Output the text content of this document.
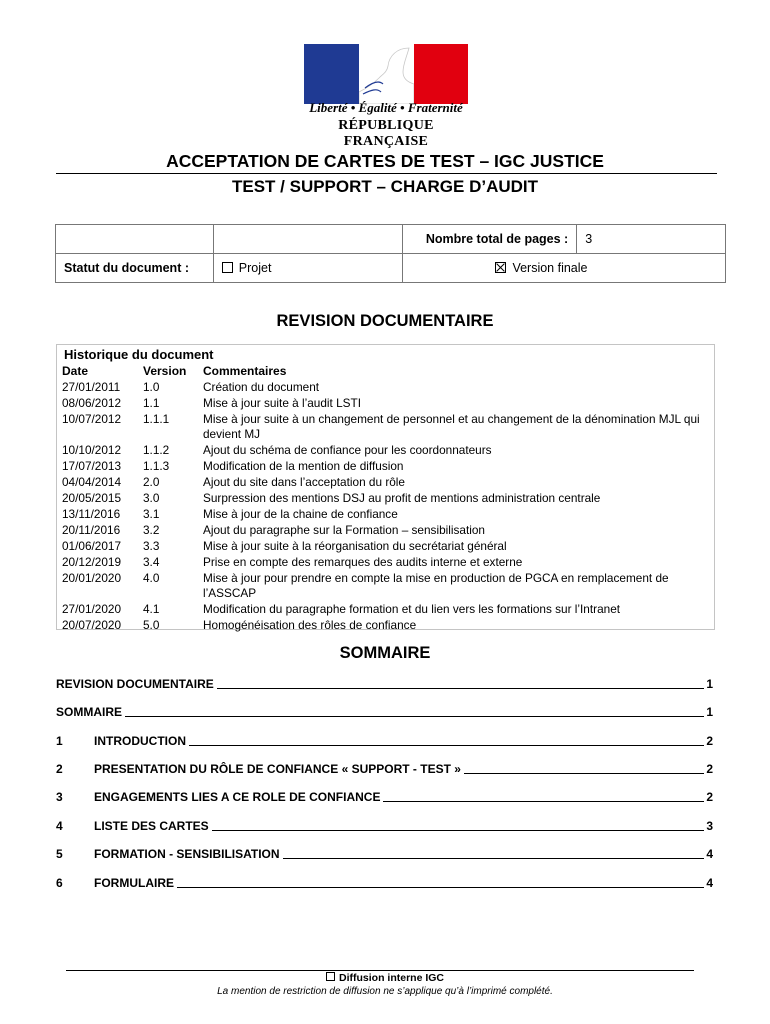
Liberté • Égalité • Fraternité
RÉPUBLIQUE FRANÇAISE
ACCEPTATION DE CARTES DE TEST – IGC JUSTICE
TEST / SUPPORT – CHARGE D’AUDIT
		Nombre total de pages :	3
Statut du document :	Projet	Version finale	
REVISION DOCUMENTAIRE
Historique du document
Date	Version Commentaires
27/01/2011 1.0	Création du document
08/06/2012 1.1	Mise à jour suite à l’audit LSTI
10/07/2012 1.1.1	Mise à jour suite à un changement de personnel et au changement de la dénomination MJL qui devient MJ
10/10/2012 1.1.2	Ajout du schéma de confiance pour les coordonnateurs
17/07/2013 1.1.3	Modification de la mention de diffusion
04/04/2014 2.0	Ajout du site dans l’acceptation du rôle
20/05/2015 3.0	Surpression des mentions DSJ au profit de mentions administration centrale
13/11/2016 3.1	Mise à jour de la chaine de confiance
20/11/2016 3.2	Ajout du paragraphe sur la Formation – sensibilisation
01/06/2017 3.3	Mise à jour suite à la réorganisation du secrétariat général
20/12/2019 3.4	Prise en compte des remarques des audits interne et externe
20/01/2020 4.0	Mise à jour pour prendre en compte la mise en production de PGCA en remplacement de l’ASSCAP
27/01/2020 4.1	Modification du paragraphe formation et du lien vers les formations sur l’Intranet
20/07/2020 5.0	Homogénéisation des rôles de confiance
SOMMAIRE
REVISION DOCUMENTAIRE	1
SOMMAIRE	1
1	INTRODUCTION	2
2	PRESENTATION DU RÔLE DE CONFIANCE « SUPPORT - TEST »	2
3	ENGAGEMENTS LIES A CE ROLE DE CONFIANCE	2
4	LISTE DES CARTES	3
5	FORMATION - SENSIBILISATION	4
6	FORMULAIRE	4
Diffusion interne IGC
La mention de restriction de diffusion ne s’applique qu’à l’imprimé complété.
